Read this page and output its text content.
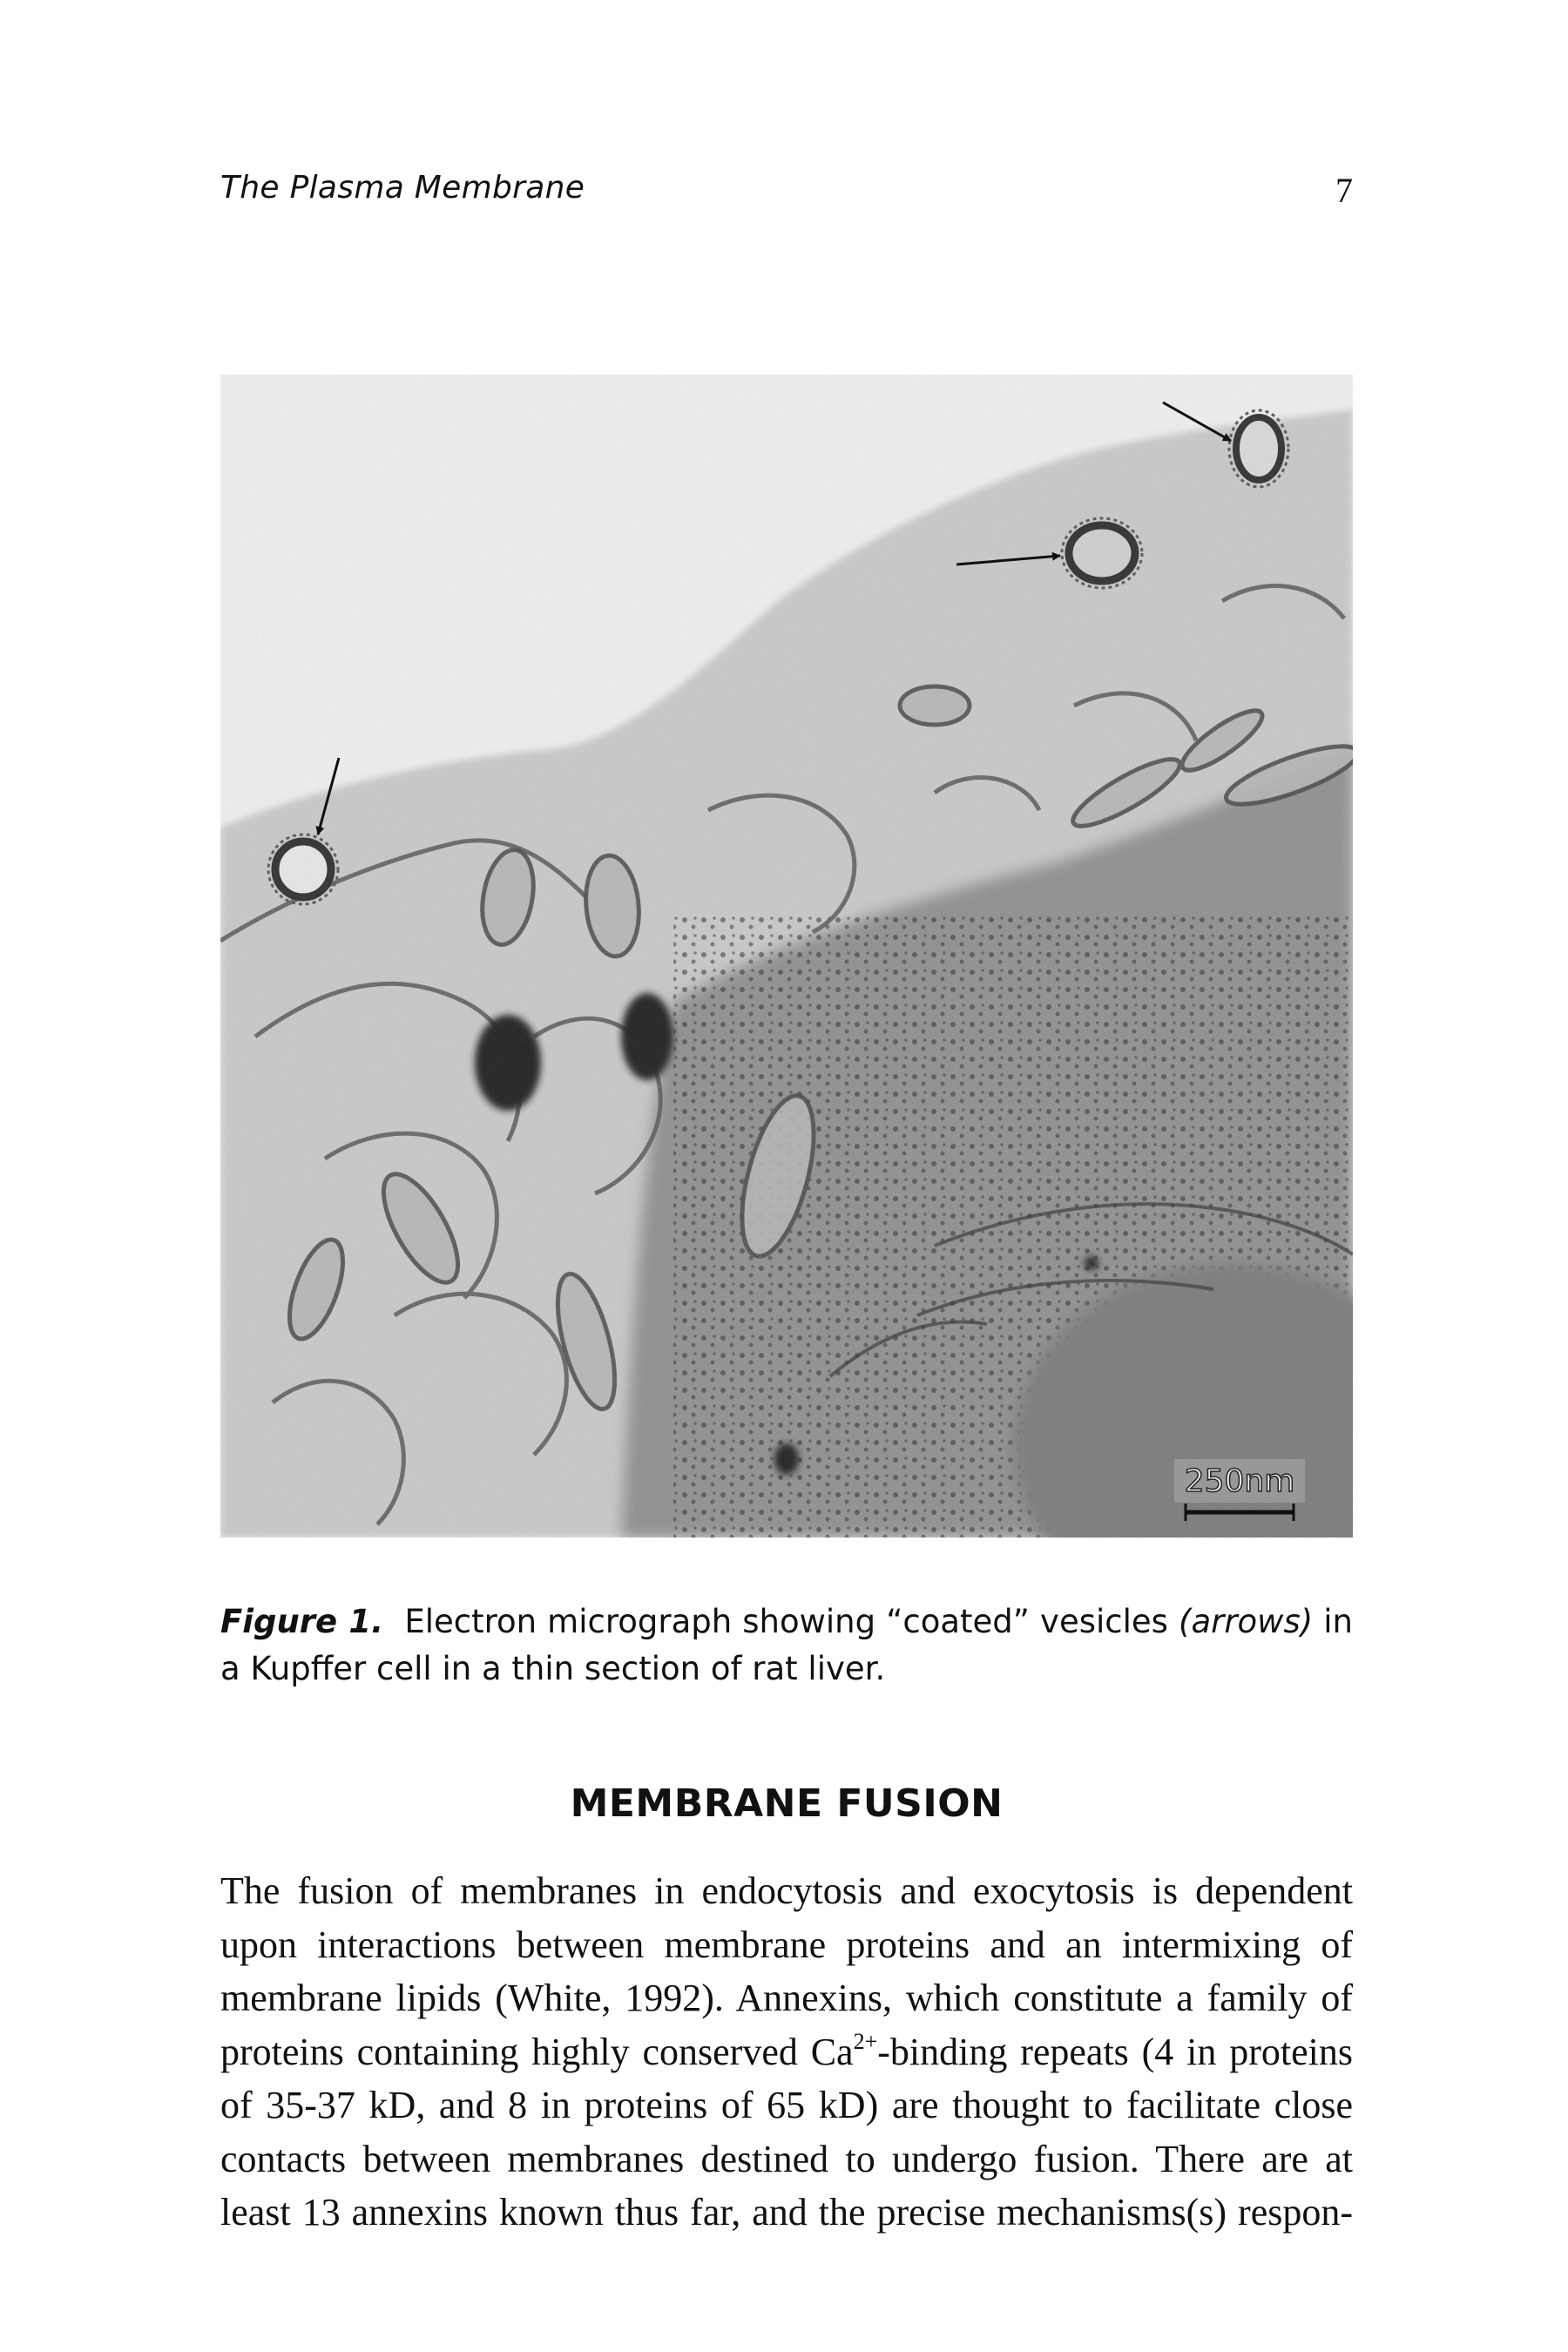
The Plasma Membrane	7
250nm
Figure 1. Electron micrograph showing “coated” vesicles (arrows) in a Kupffer cell in a thin section of rat liver.
MEMBRANE FUSION
The fusion of membranes in endocytosis and exocytosis is dependent
upon interactions between membrane proteins and an intermixing of
membrane lipids (White, 1992). Annexins, which constitute a family of
proteins containing highly conserved $Ca^{2+}$-binding repeats (4 in proteins
of 35-37 kD, and 8 in proteins of 65 kD) are thought to facilitate close
contacts between membranes destined to undergo fusion. There are at
least 13 annexins known thus far, and the precise mechanisms(s) respon-
